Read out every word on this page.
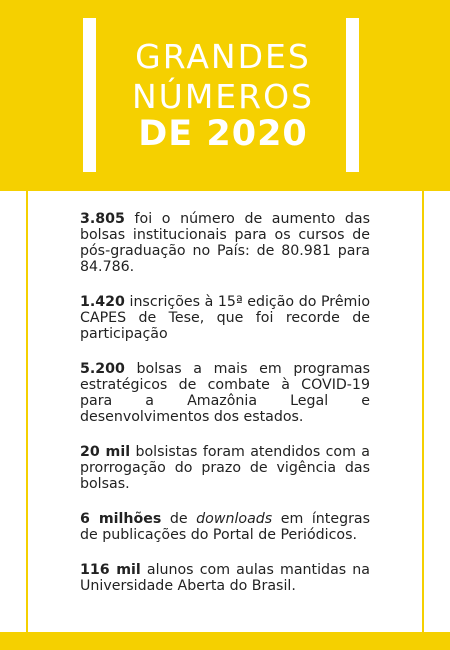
GRANDES
NÚMEROS
DE 2020

3.805 foi o número de aumento das bolsas institucionais para os cursos de pós-graduação no País: de 80.981 para 84.786.

1.420 inscrições à 15ª edição do Prêmio CAPES de Tese, que foi recorde de participação

5.200 bolsas a mais em programas estratégicos de combate à COVID-19 para a Amazônia Legal e desenvolvimentos dos estados.

20 mil bolsistas foram atendidos com a prorrogação do prazo de vigência das bolsas.

6 milhões de downloads em íntegras de publicações do Portal de Periódicos.

116 mil alunos com aulas mantidas na Universidade Aberta do Brasil.
